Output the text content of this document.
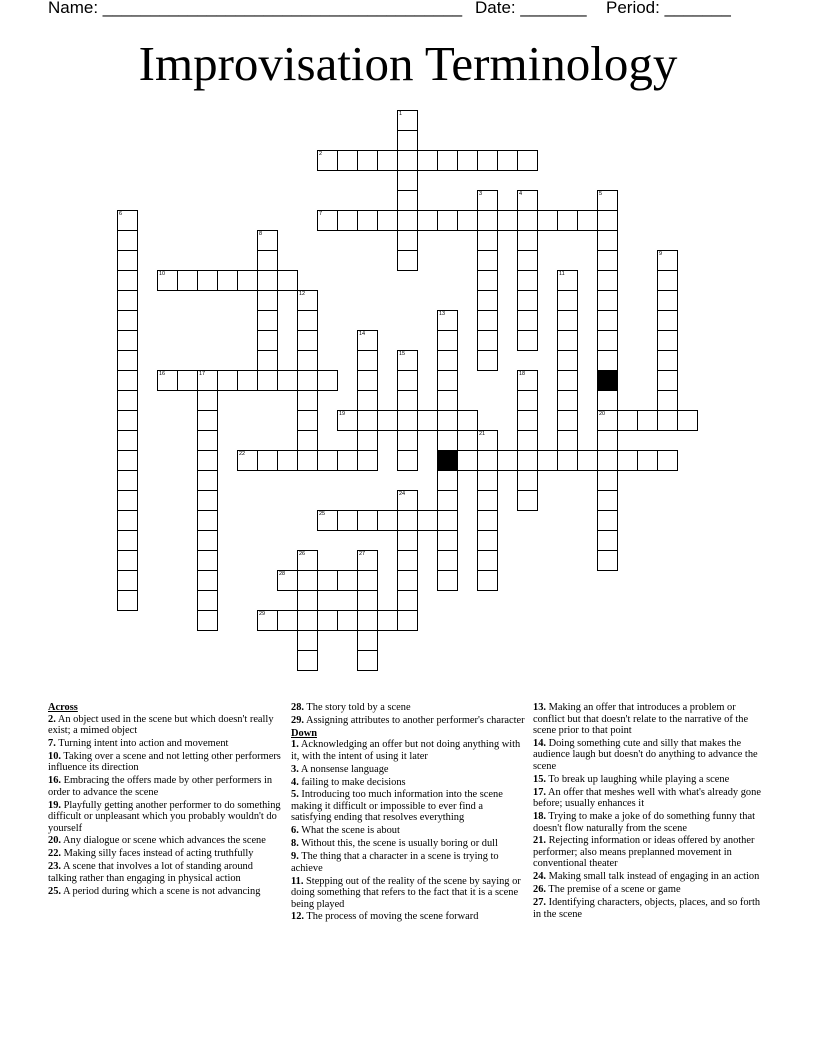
Name: ______________________________________ Date: _______ Period: _______
Improvisation Terminology
1
2
3	4	5
20
6	7
8
9
10	11
12
13
14
15
16	17	18
19
21
22
24
25
26	27
28
29
Across
2. An object used in the scene but which doesn't really exist; a mimed object
7. Turning intent into action and movement
10. Taking over a scene and not letting other performers influence its direction
16. Embracing the offers made by other performers in order to advance the scene
19. Playfully getting another performer to do something difficult or unpleasant which you probably wouldn't do yourself
20. Any dialogue or scene which advances the scene
22. Making silly faces instead of acting truthfully
23. A scene that involves a lot of standing around talking rather than engaging in physical action
25. A period during which a scene is not advancing
28. The story told by a scene
29. Assigning attributes to another performer's character
Down
1. Acknowledging an offer but not doing anything with it, with the intent of using it later
3. A nonsense language
4. failing to make decisions
5. Introducing too much information into the scene making it difficult or impossible to ever find a satisfying ending that resolves everything
6. What the scene is about
8. Without this, the scene is usually boring or dull
9. The thing that a character in a scene is trying to achieve
11. Stepping out of the reality of the scene by saying or doing something that refers to the fact that it is a scene being played
12. The process of moving the scene forward
13. Making an offer that introduces a problem or conflict but that doesn't relate to the narrative of the scene prior to that point
14. Doing something cute and silly that makes the audience laugh but doesn't do anything to advance the scene
15. To break up laughing while playing a scene
17. An offer that meshes well with what's already gone before; usually enhances it
18. Trying to make a joke of do something funny that doesn't flow naturally from the scene
21. Rejecting information or ideas offered by another performer; also means preplanned movement in conventional theater
24. Making small talk instead of engaging in an action
26. The premise of a scene or game
27. Identifying characters, objects, places, and so forth in the scene
